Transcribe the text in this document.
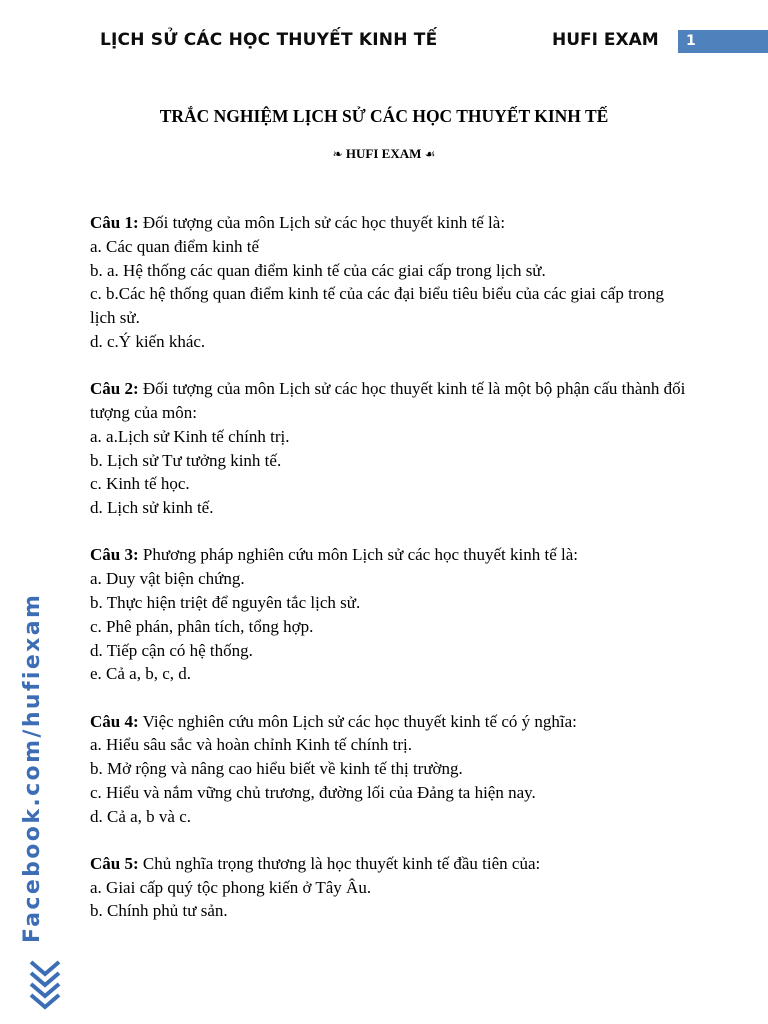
LỊCH SỬ CÁC HỌC THUYẾT KINH TẾ	HUFI EXAM	1
TRẮC NGHIỆM LỊCH SỬ CÁC HỌC THUYẾT KINH TẾ
❧ HUFI EXAM ☙
Câu 1: Đối tượng của môn Lịch sử các học thuyết kinh tế là:
a. Các quan điểm kinh tế
b. a. Hệ thống các quan điểm kinh tế của các giai cấp trong lịch sử.
c. b.Các hệ thống quan điểm kinh tế của các đại biểu tiêu biểu của các giai cấp trong lịch sử.
d. c.Ý kiến khác.
Câu 2: Đối tượng của môn Lịch sử các học thuyết kinh tế là một bộ phận cấu thành đối tượng của môn:
a. a.Lịch sử Kinh tế chính trị.
b. Lịch sử Tư tưởng kinh tế.
c. Kinh tế học.
d. Lịch sử kinh tế.
Câu 3: Phương pháp nghiên cứu môn Lịch sử các học thuyết kinh tế là:
a. Duy vật biện chứng.
b. Thực hiện triệt để nguyên tắc lịch sử.
c. Phê phán, phân tích, tổng hợp.
d. Tiếp cận có hệ thống.
e. Cả a, b, c, d.
Câu 4: Việc nghiên cứu môn Lịch sử các học thuyết kinh tế có ý nghĩa:
a. Hiểu sâu sắc và hoàn chỉnh Kinh tế chính trị.
b. Mở rộng và nâng cao hiểu biết về kinh tế thị trường.
c. Hiểu và nắm vững chủ trương, đường lối của Đảng ta hiện nay.
d. Cả a, b và c.
Câu 5: Chủ nghĩa trọng thương là học thuyết kinh tế đầu tiên của:
a. Giai cấp quý tộc phong kiến ở Tây Âu.
b. Chính phủ tư sản.
Facebook.com/hufiexam
